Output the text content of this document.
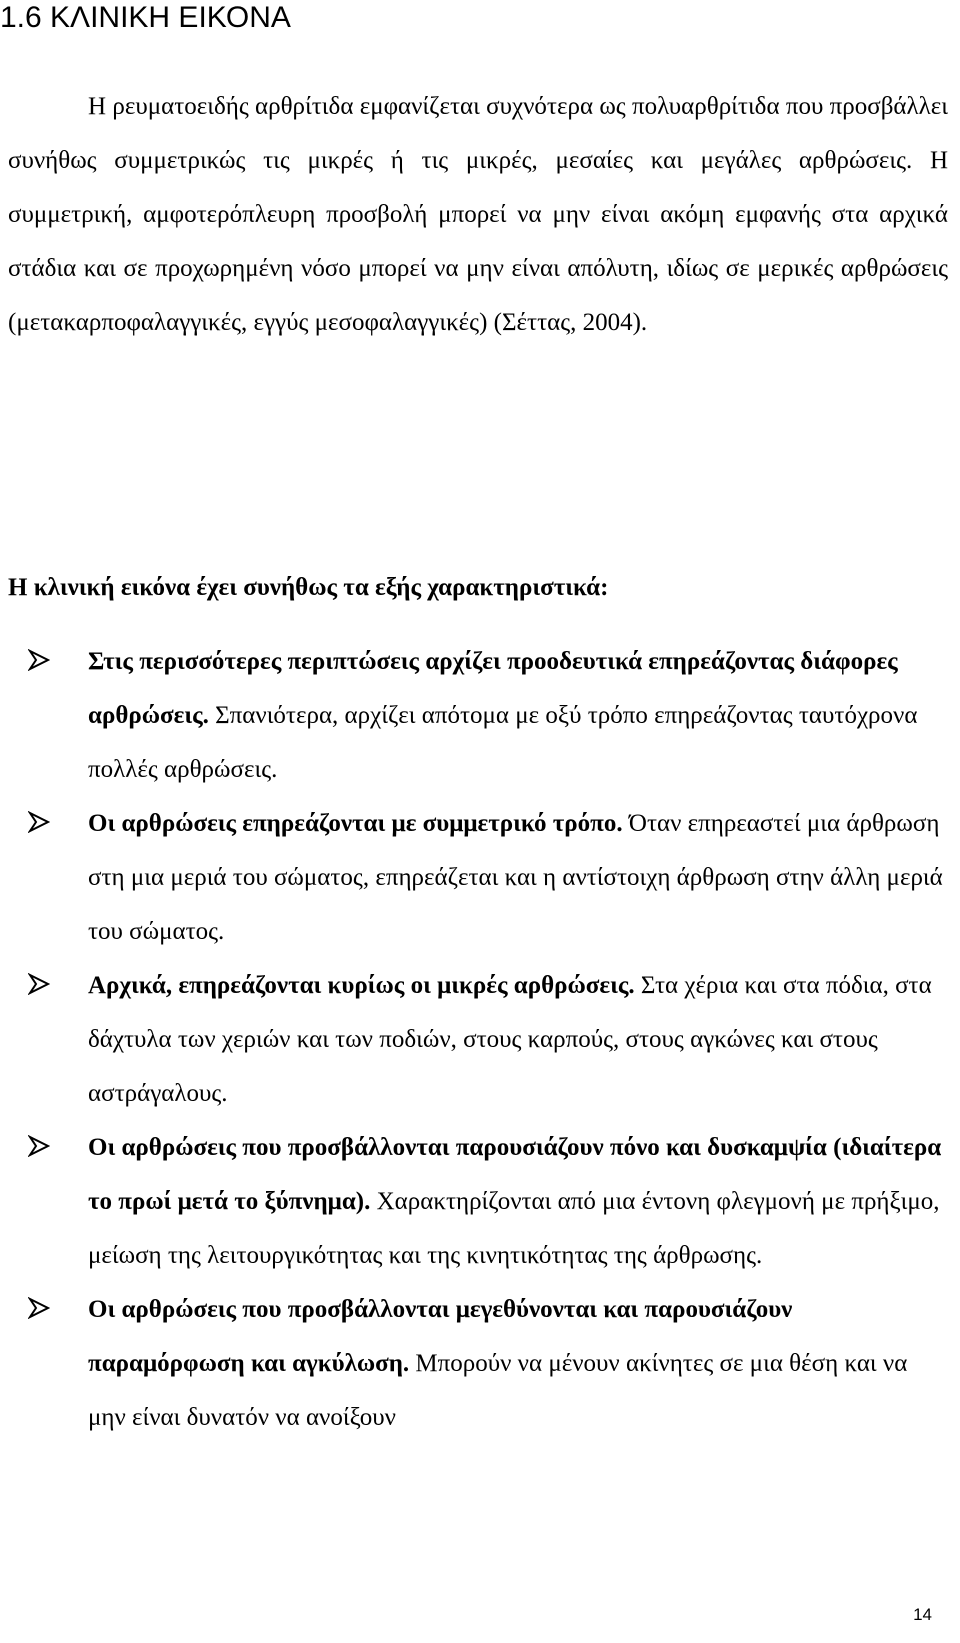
1.6 ΚΛΙΝΙΚΗ ΕΙΚΟΝΑ

Η ρευματοειδής αρθρίτιδα εμφανίζεται συχνότερα ως πολυαρθρίτιδα που προσβάλλει συνήθως συμμετρικώς τις μικρές ή τις μικρές, μεσαίες και μεγάλες αρθρώσεις. Η συμμετρική, αμφοτερόπλευρη προσβολή μπορεί να μην είναι ακόμη εμφανής στα αρχικά στάδια και σε προχωρημένη νόσο μπορεί να μην είναι απόλυτη, ιδίως σε μερικές αρθρώσεις (μετακαρποφαλαγγικές, εγγύς μεσοφαλαγγικές) (Σέττας, 2004).

Η κλινική εικόνα έχει συνήθως τα εξής χαρακτηριστικά:

Στις περισσότερες περιπτώσεις αρχίζει προοδευτικά επηρεάζοντας διάφορες αρθρώσεις. Σπανιότερα, αρχίζει απότομα με οξύ τρόπο επηρεάζοντας ταυτόχρονα πολλές αρθρώσεις.
Οι αρθρώσεις επηρεάζονται με συμμετρικό τρόπο. Όταν επηρεαστεί μια άρθρωση στη μια μεριά του σώματος, επηρεάζεται και η αντίστοιχη άρθρωση στην άλλη μεριά του σώματος.
Αρχικά, επηρεάζονται κυρίως οι μικρές αρθρώσεις. Στα χέρια και στα πόδια, στα δάχτυλα των χεριών και των ποδιών, στους καρπούς, στους αγκώνες και στους αστράγαλους.
Οι αρθρώσεις που προσβάλλονται παρουσιάζουν πόνο και δυσκαμψία (ιδιαίτερα το πρωί μετά το ξύπνημα). Χαρακτηρίζονται από μια έντονη φλεγμονή με πρήξιμο, μείωση της λειτουργικότητας και της κινητικότητας της άρθρωσης.
Οι αρθρώσεις που προσβάλλονται μεγεθύνονται και παρουσιάζουν παραμόρφωση και αγκύλωση. Μπορούν να μένουν ακίνητες σε μια θέση και να μην είναι δυνατόν να ανοίξουν
14
